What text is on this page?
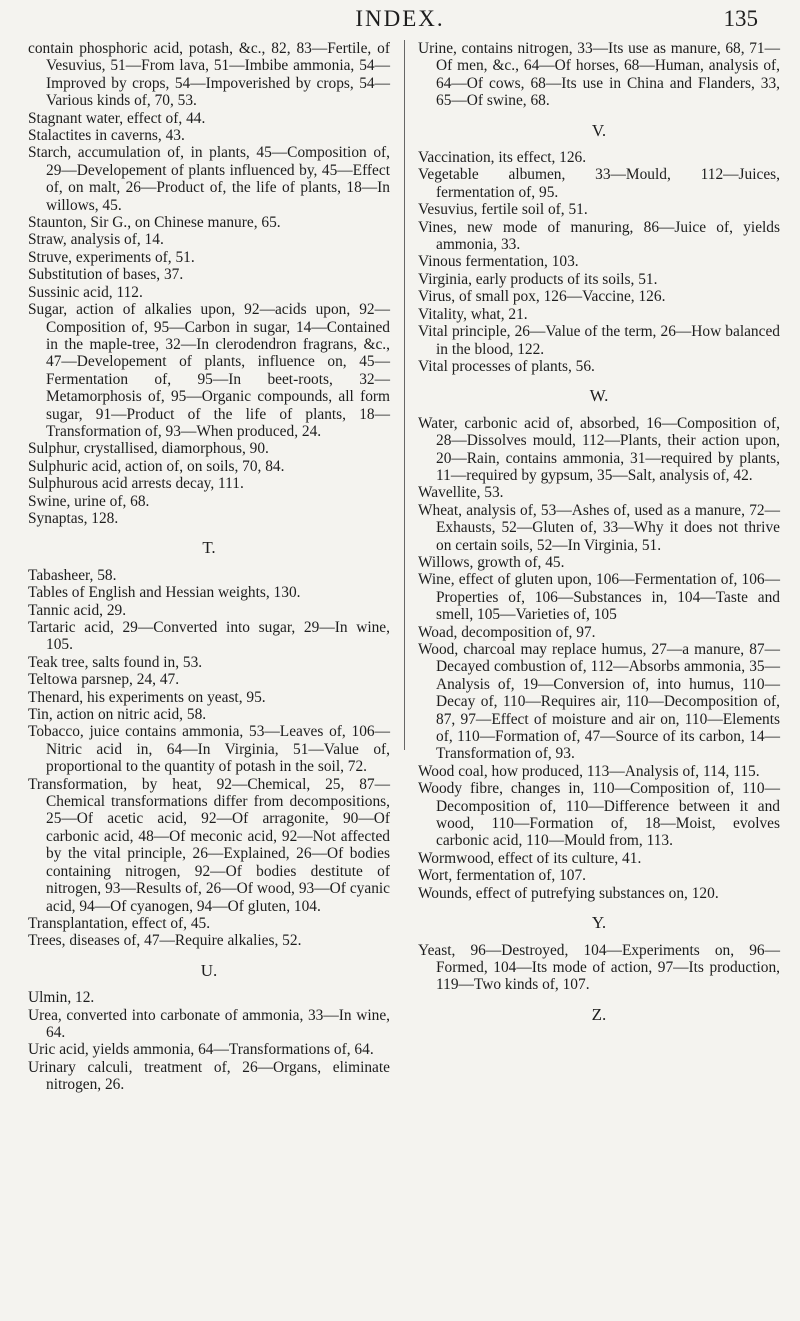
INDEX.	135

contain phosphoric acid, potash, &c., 82, 83—Fertile, of Vesuvius, 51—From lava, 51—Imbibe ammonia, 54—Improved by crops, 54—Impoverished by crops, 54—Various kinds of, 70, 53.

Stagnant water, effect of, 44.

Stalactites in caverns, 43.

Starch, accumulation of, in plants, 45—Composition of, 29—Developement of plants influenced by, 45—Effect of, on malt, 26—Product of, the life of plants, 18—In willows, 45.

Staunton, Sir G., on Chinese manure, 65.

Straw, analysis of, 14.

Struve, experiments of, 51.

Substitution of bases, 37.

Sussinic acid, 112.

Sugar, action of alkalies upon, 92—acids upon, 92—Composition of, 95—Carbon in sugar, 14—Contained in the maple-tree, 32—In clerodendron fragrans, &c., 47—Developement of plants, influence on, 45—Fermentation of, 95—In beet-roots, 32—Metamorphosis of, 95—Organic compounds, all form sugar, 91—Product of the life of plants, 18—Transformation of, 93—When produced, 24.

Sulphur, crystallised, diamorphous, 90.

Sulphuric acid, action of, on soils, 70, 84.

Sulphurous acid arrests decay, 111.

Swine, urine of, 68.

Synaptas, 128.

T.

Tabasheer, 58.

Tables of English and Hessian weights, 130.

Tannic acid, 29.

Tartaric acid, 29—Converted into sugar, 29—In wine, 105.

Teak tree, salts found in, 53.

Teltowa parsnep, 24, 47.

Thenard, his experiments on yeast, 95.

Tin, action on nitric acid, 58.

Tobacco, juice contains ammonia, 53—Leaves of, 106—Nitric acid in, 64—In Virginia, 51—Value of, proportional to the quantity of potash in the soil, 72.

Transformation, by heat, 92—Chemical, 25, 87—Chemical transformations differ from decompositions, 25—Of acetic acid, 92—Of arragonite, 90—Of carbonic acid, 48—Of meconic acid, 92—Not affected by the vital principle, 26—Explained, 26—Of bodies containing nitrogen, 92—Of bodies destitute of nitrogen, 93—Results of, 26—Of wood, 93—Of cyanic acid, 94—Of cyanogen, 94—Of gluten, 104.

Transplantation, effect of, 45.

Trees, diseases of, 47—Require alkalies, 52.

U.

Ulmin, 12.

Urea, converted into carbonate of ammonia, 33—In wine, 64.

Uric acid, yields ammonia, 64—Transformations of, 64.

Urinary calculi, treatment of, 26—Organs, eliminate nitrogen, 26.

Urine, contains nitrogen, 33—Its use as manure, 68, 71—Of men, &c., 64—Of horses, 68—Human, analysis of, 64—Of cows, 68—Its use in China and Flanders, 33, 65—Of swine, 68.

V.

Vaccination, its effect, 126.

Vegetable albumen, 33—Mould, 112—Juices, fermentation of, 95.

Vesuvius, fertile soil of, 51.

Vines, new mode of manuring, 86—Juice of, yields ammonia, 33.

Vinous fermentation, 103.

Virginia, early products of its soils, 51.

Virus, of small pox, 126—Vaccine, 126.

Vitality, what, 21.

Vital principle, 26—Value of the term, 26—How balanced in the blood, 122.

Vital processes of plants, 56.

W.

Water, carbonic acid of, absorbed, 16—Composition of, 28—Dissolves mould, 112—Plants, their action upon, 20—Rain, contains ammonia, 31—required by plants, 11—required by gypsum, 35—Salt, analysis of, 42.

Wavellite, 53.

Wheat, analysis of, 53—Ashes of, used as a manure, 72—Exhausts, 52—Gluten of, 33—Why it does not thrive on certain soils, 52—In Virginia, 51.

Willows, growth of, 45.

Wine, effect of gluten upon, 106—Fermentation of, 106—Properties of, 106—Substances in, 104—Taste and smell, 105—Varieties of, 105

Woad, decomposition of, 97.

Wood, charcoal may replace humus, 27—a manure, 87—Decayed combustion of, 112—Absorbs ammonia, 35—Analysis of, 19—Conversion of, into humus, 110—Decay of, 110—Requires air, 110—Decomposition of, 87, 97—Effect of moisture and air on, 110—Elements of, 110—Formation of, 47—Source of its carbon, 14—Transformation of, 93.

Wood coal, how produced, 113—Analysis of, 114, 115.

Woody fibre, changes in, 110—Composition of, 110—Decomposition of, 110—Difference between it and wood, 110—Formation of, 18—Moist, evolves carbonic acid, 110—Mould from, 113.

Wormwood, effect of its culture, 41.

Wort, fermentation of, 107.

Wounds, effect of putrefying substances on, 120.

Y.

Yeast, 96—Destroyed, 104—Experiments on, 96—Formed, 104—Its mode of action, 97—Its production, 119—Two kinds of, 107.

Z.
